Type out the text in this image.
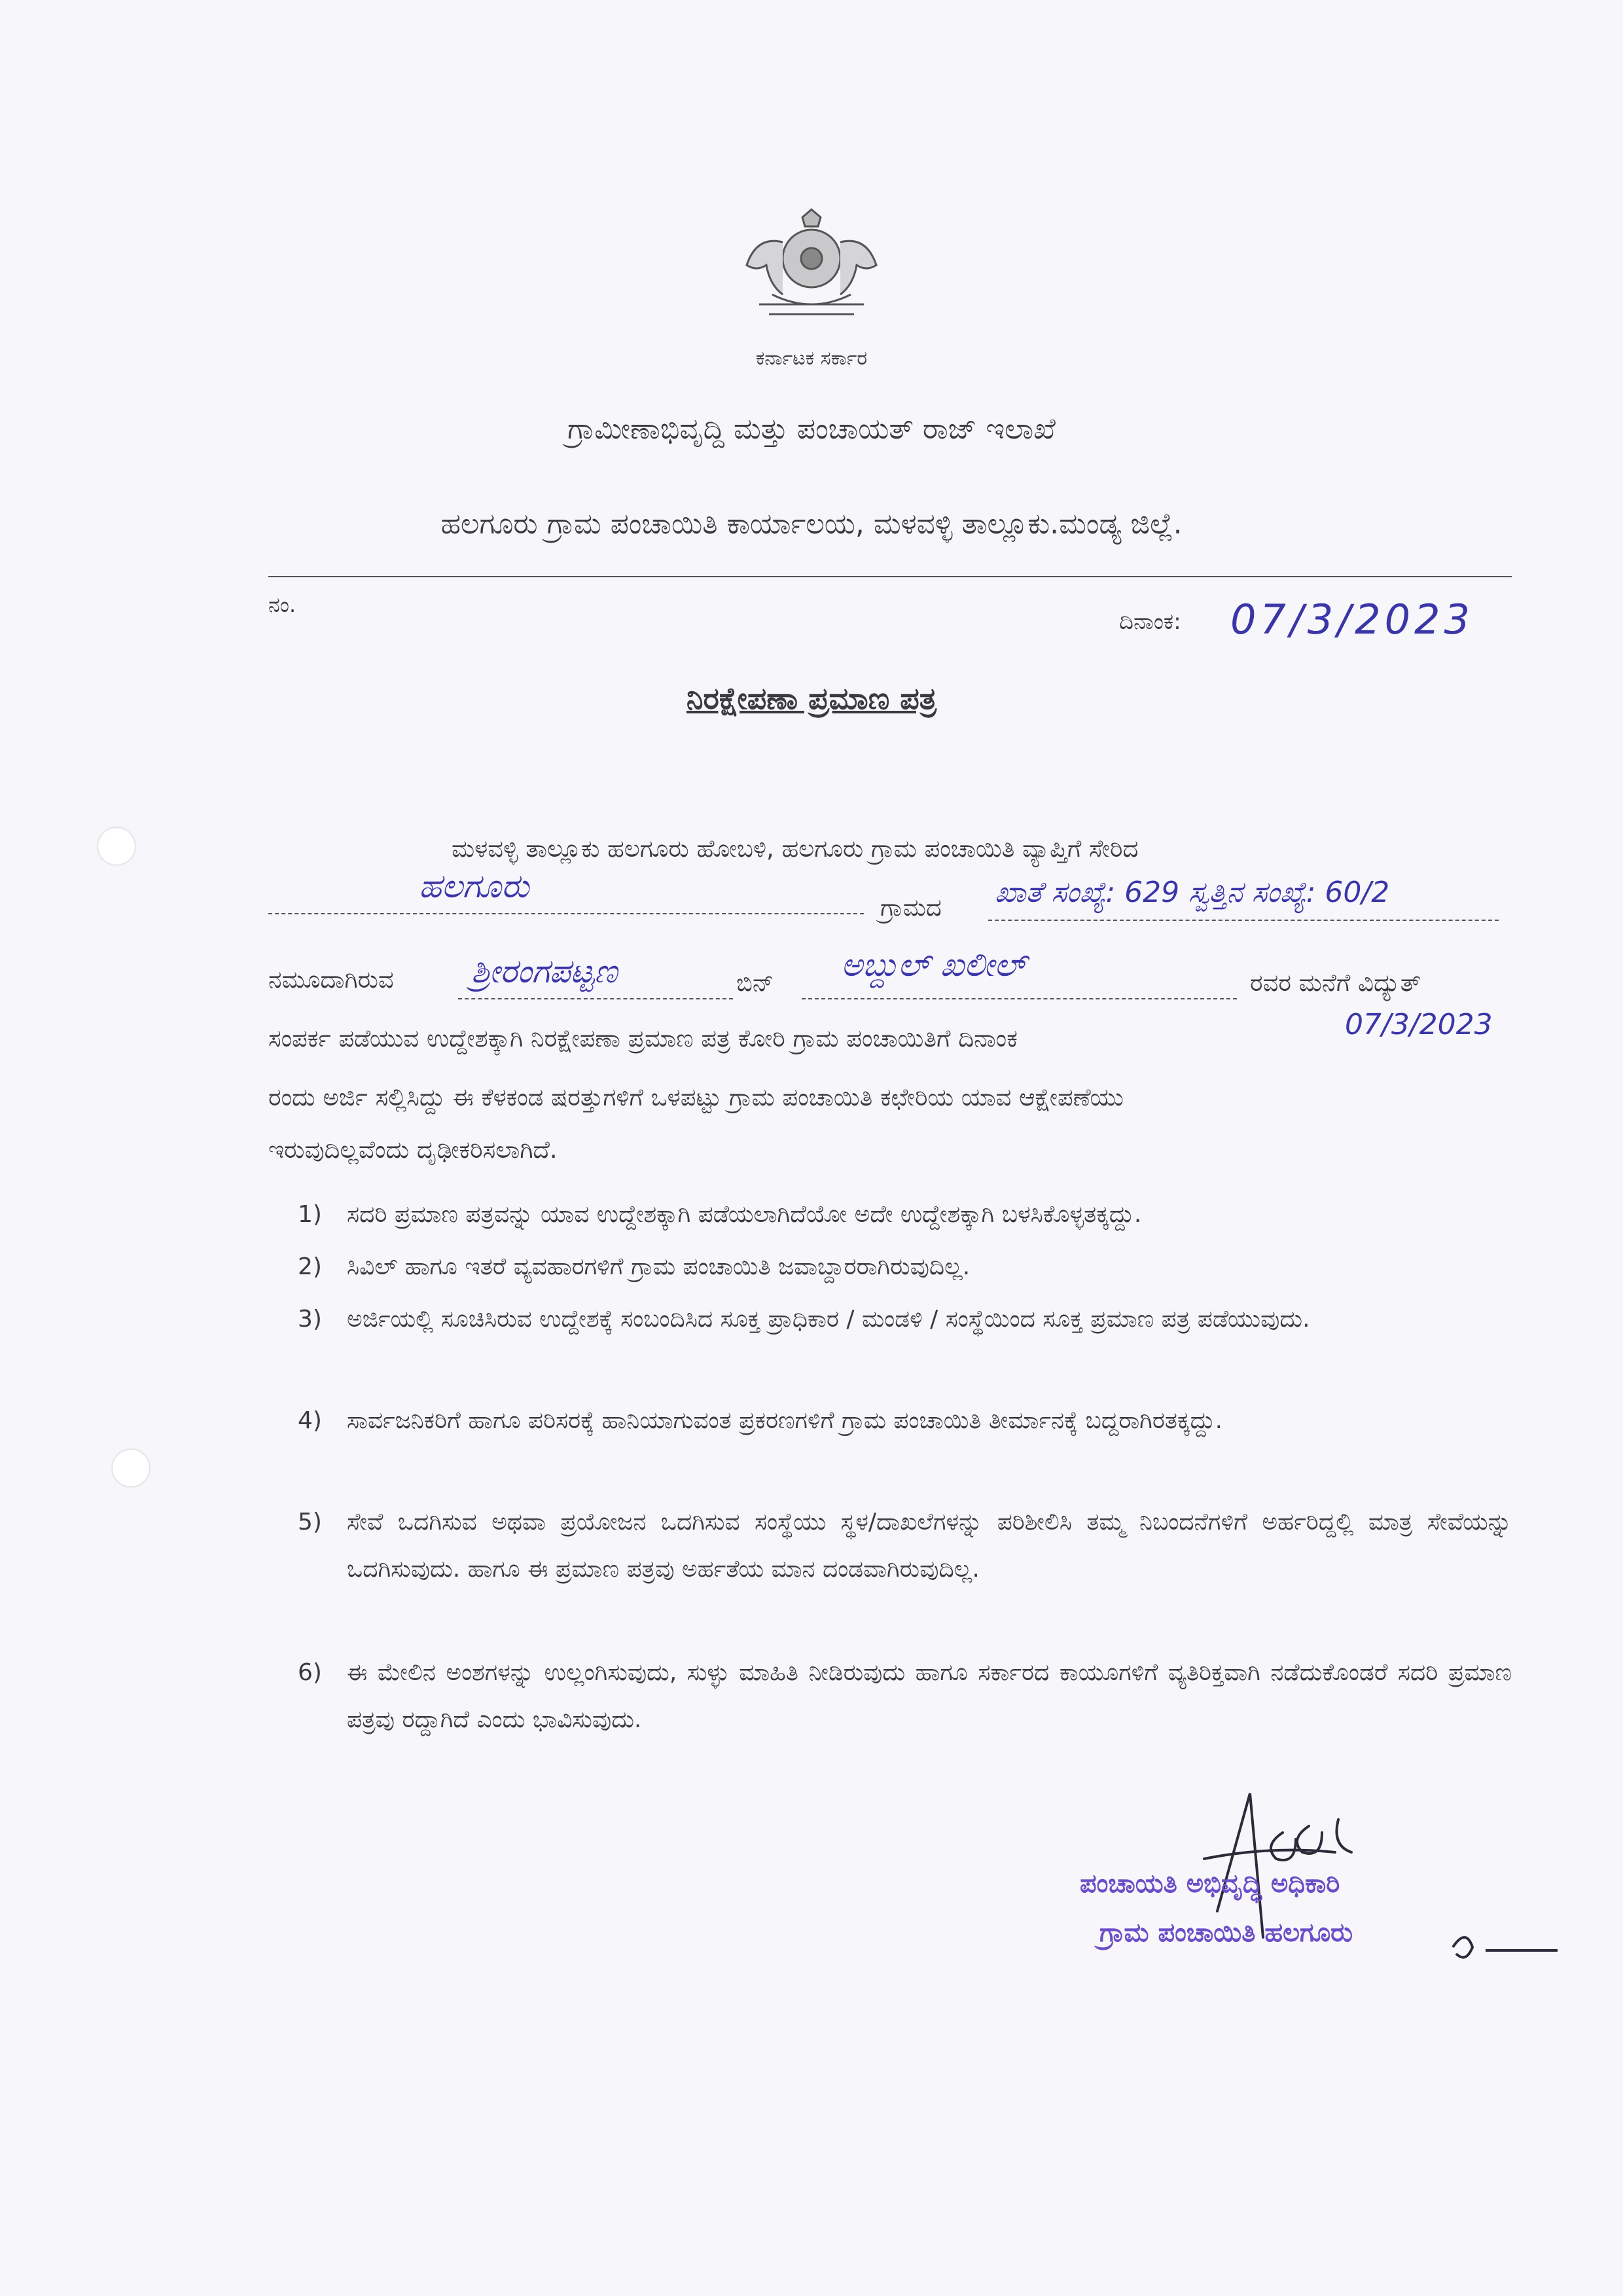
ಕರ್ನಾಟಕ ಸರ್ಕಾರ
ಗ್ರಾಮೀಣಾಭಿವೃದ್ದಿ ಮತ್ತು ಪಂಚಾಯತ್ ರಾಜ್ ಇಲಾಖೆ
ಹಲಗೂರು ಗ್ರಾಮ ಪಂಚಾಯಿತಿ ಕಾರ್ಯಾಲಯ, ಮಳವಳ್ಳಿ ತಾಲ್ಲೂಕು.ಮಂಡ್ಯ ಜಿಲ್ಲೆ.
ನಂ.
ದಿನಾಂಕ: 07/3/2023
ನಿರಕ್ಷೇಪಣಾ ಪ್ರಮಾಣ ಪತ್ರ
ಮಳವಳ್ಳಿ ತಾಲ್ಲೂಕು ಹಲಗೂರು ಹೋಬಳಿ, ಹಲಗೂರು ಗ್ರಾಮ ಪಂಚಾಯಿತಿ ವ್ಯಾಪ್ತಿಗೆ ಸೇರಿದ
ಹಲಗೂರು
ಗ್ರಾಮದ ಖಾತೆ ಸಂಖ್ಯೆ: 629 ಸ್ವತ್ತಿನ ಸಂಖ್ಯೆ: 60/2
ನಮೂದಾಗಿರುವ ಶ್ರೀರಂಗಪಟ್ಟಣ	ಬಿನ್ ಅಬ್ದುಲ್ ಖಲೀಲ್	ರವರ ಮನೆಗೆ ವಿದ್ಯುತ್
ಸಂಪರ್ಕ ಪಡೆಯುವ ಉದ್ದೇಶಕ್ಕಾಗಿ ನಿರಕ್ಷೇಪಣಾ ಪ್ರಮಾಣ ಪತ್ರ ಕೋರಿ ಗ್ರಾಮ ಪಂಚಾಯಿತಿಗೆ ದಿನಾಂಕ	07/3/2023
ರಂದು ಅರ್ಜಿ ಸಲ್ಲಿಸಿದ್ದು ಈ ಕೆಳಕಂಡ ಷರತ್ತುಗಳಿಗೆ ಒಳಪಟ್ಟು ಗ್ರಾಮ ಪಂಚಾಯಿತಿ ಕಛೇರಿಯ ಯಾವ ಆಕ್ಷೇಪಣೆಯು
ಇರುವುದಿಲ್ಲವೆಂದು ದೃಢೀಕರಿಸಲಾಗಿದೆ.
1)	ಸದರಿ ಪ್ರಮಾಣ ಪತ್ರವನ್ನು ಯಾವ ಉದ್ದೇಶಕ್ಕಾಗಿ ಪಡೆಯಲಾಗಿದೆಯೋ ಅದೇ ಉದ್ದೇಶಕ್ಕಾಗಿ ಬಳಸಿಕೊಳ್ಳತಕ್ಕದ್ದು.
2)	ಸಿವಿಲ್ ಹಾಗೂ ಇತರೆ ವ್ಯವಹಾರಗಳಿಗೆ ಗ್ರಾಮ ಪಂಚಾಯಿತಿ ಜವಾಬ್ದಾರರಾಗಿರುವುದಿಲ್ಲ.
3)	ಅರ್ಜಿಯಲ್ಲಿ ಸೂಚಿಸಿರುವ ಉದ್ದೇಶಕ್ಕೆ ಸಂಬಂದಿಸಿದ ಸೂಕ್ತ ಪ್ರಾಧಿಕಾರ / ಮಂಡಳಿ / ಸಂಸ್ಥೆಯಿಂದ ಸೂಕ್ತ ಪ್ರಮಾಣ ಪತ್ರ ಪಡೆಯುವುದು.
4)	ಸಾರ್ವಜನಿಕರಿಗೆ ಹಾಗೂ ಪರಿಸರಕ್ಕೆ ಹಾನಿಯಾಗುವಂತ ಪ್ರಕರಣಗಳಿಗೆ ಗ್ರಾಮ ಪಂಚಾಯಿತಿ ತೀರ್ಮಾನಕ್ಕೆ ಬದ್ದರಾಗಿರತಕ್ಕದ್ದು.
5)	ಸೇವೆ ಒದಗಿಸುವ ಅಥವಾ ಪ್ರಯೋಜನ ಒದಗಿಸುವ ಸಂಸ್ಥೆಯು ಸ್ಥಳ/ದಾಖಲೆಗಳನ್ನು ಪರಿಶೀಲಿಸಿ ತಮ್ಮ ನಿಬಂದನೆಗಳಿಗೆ ಅರ್ಹರಿದ್ದಲ್ಲಿ ಮಾತ್ರ ಸೇವೆಯನ್ನು ಒದಗಿಸುವುದು. ಹಾಗೂ ಈ ಪ್ರಮಾಣ ಪತ್ರವು ಅರ್ಹತೆಯ ಮಾನ ದಂಡವಾಗಿರುವುದಿಲ್ಲ.
6)	ಈ ಮೇಲಿನ ಅಂಶಗಳನ್ನು ಉಲ್ಲಂಗಿಸುವುದು, ಸುಳ್ಳು ಮಾಹಿತಿ ನೀಡಿರುವುದು ಹಾಗೂ ಸರ್ಕಾರದ ಕಾಯೂಗಳಿಗೆ ವ್ಯತಿರಿಕ್ತವಾಗಿ ನಡೆದುಕೊಂಡರೆ ಸದರಿ ಪ್ರಮಾಣ ಪತ್ರವು ರದ್ದಾಗಿದೆ ಎಂದು ಭಾವಿಸುವುದು.
ಪಂಚಾಯತಿ ಅಭಿವೃದ್ಧಿ ಅಧಿಕಾರಿ
ಗ್ರಾಮ ಪಂಚಾಯಿತಿ ಹಲಗೂರು
